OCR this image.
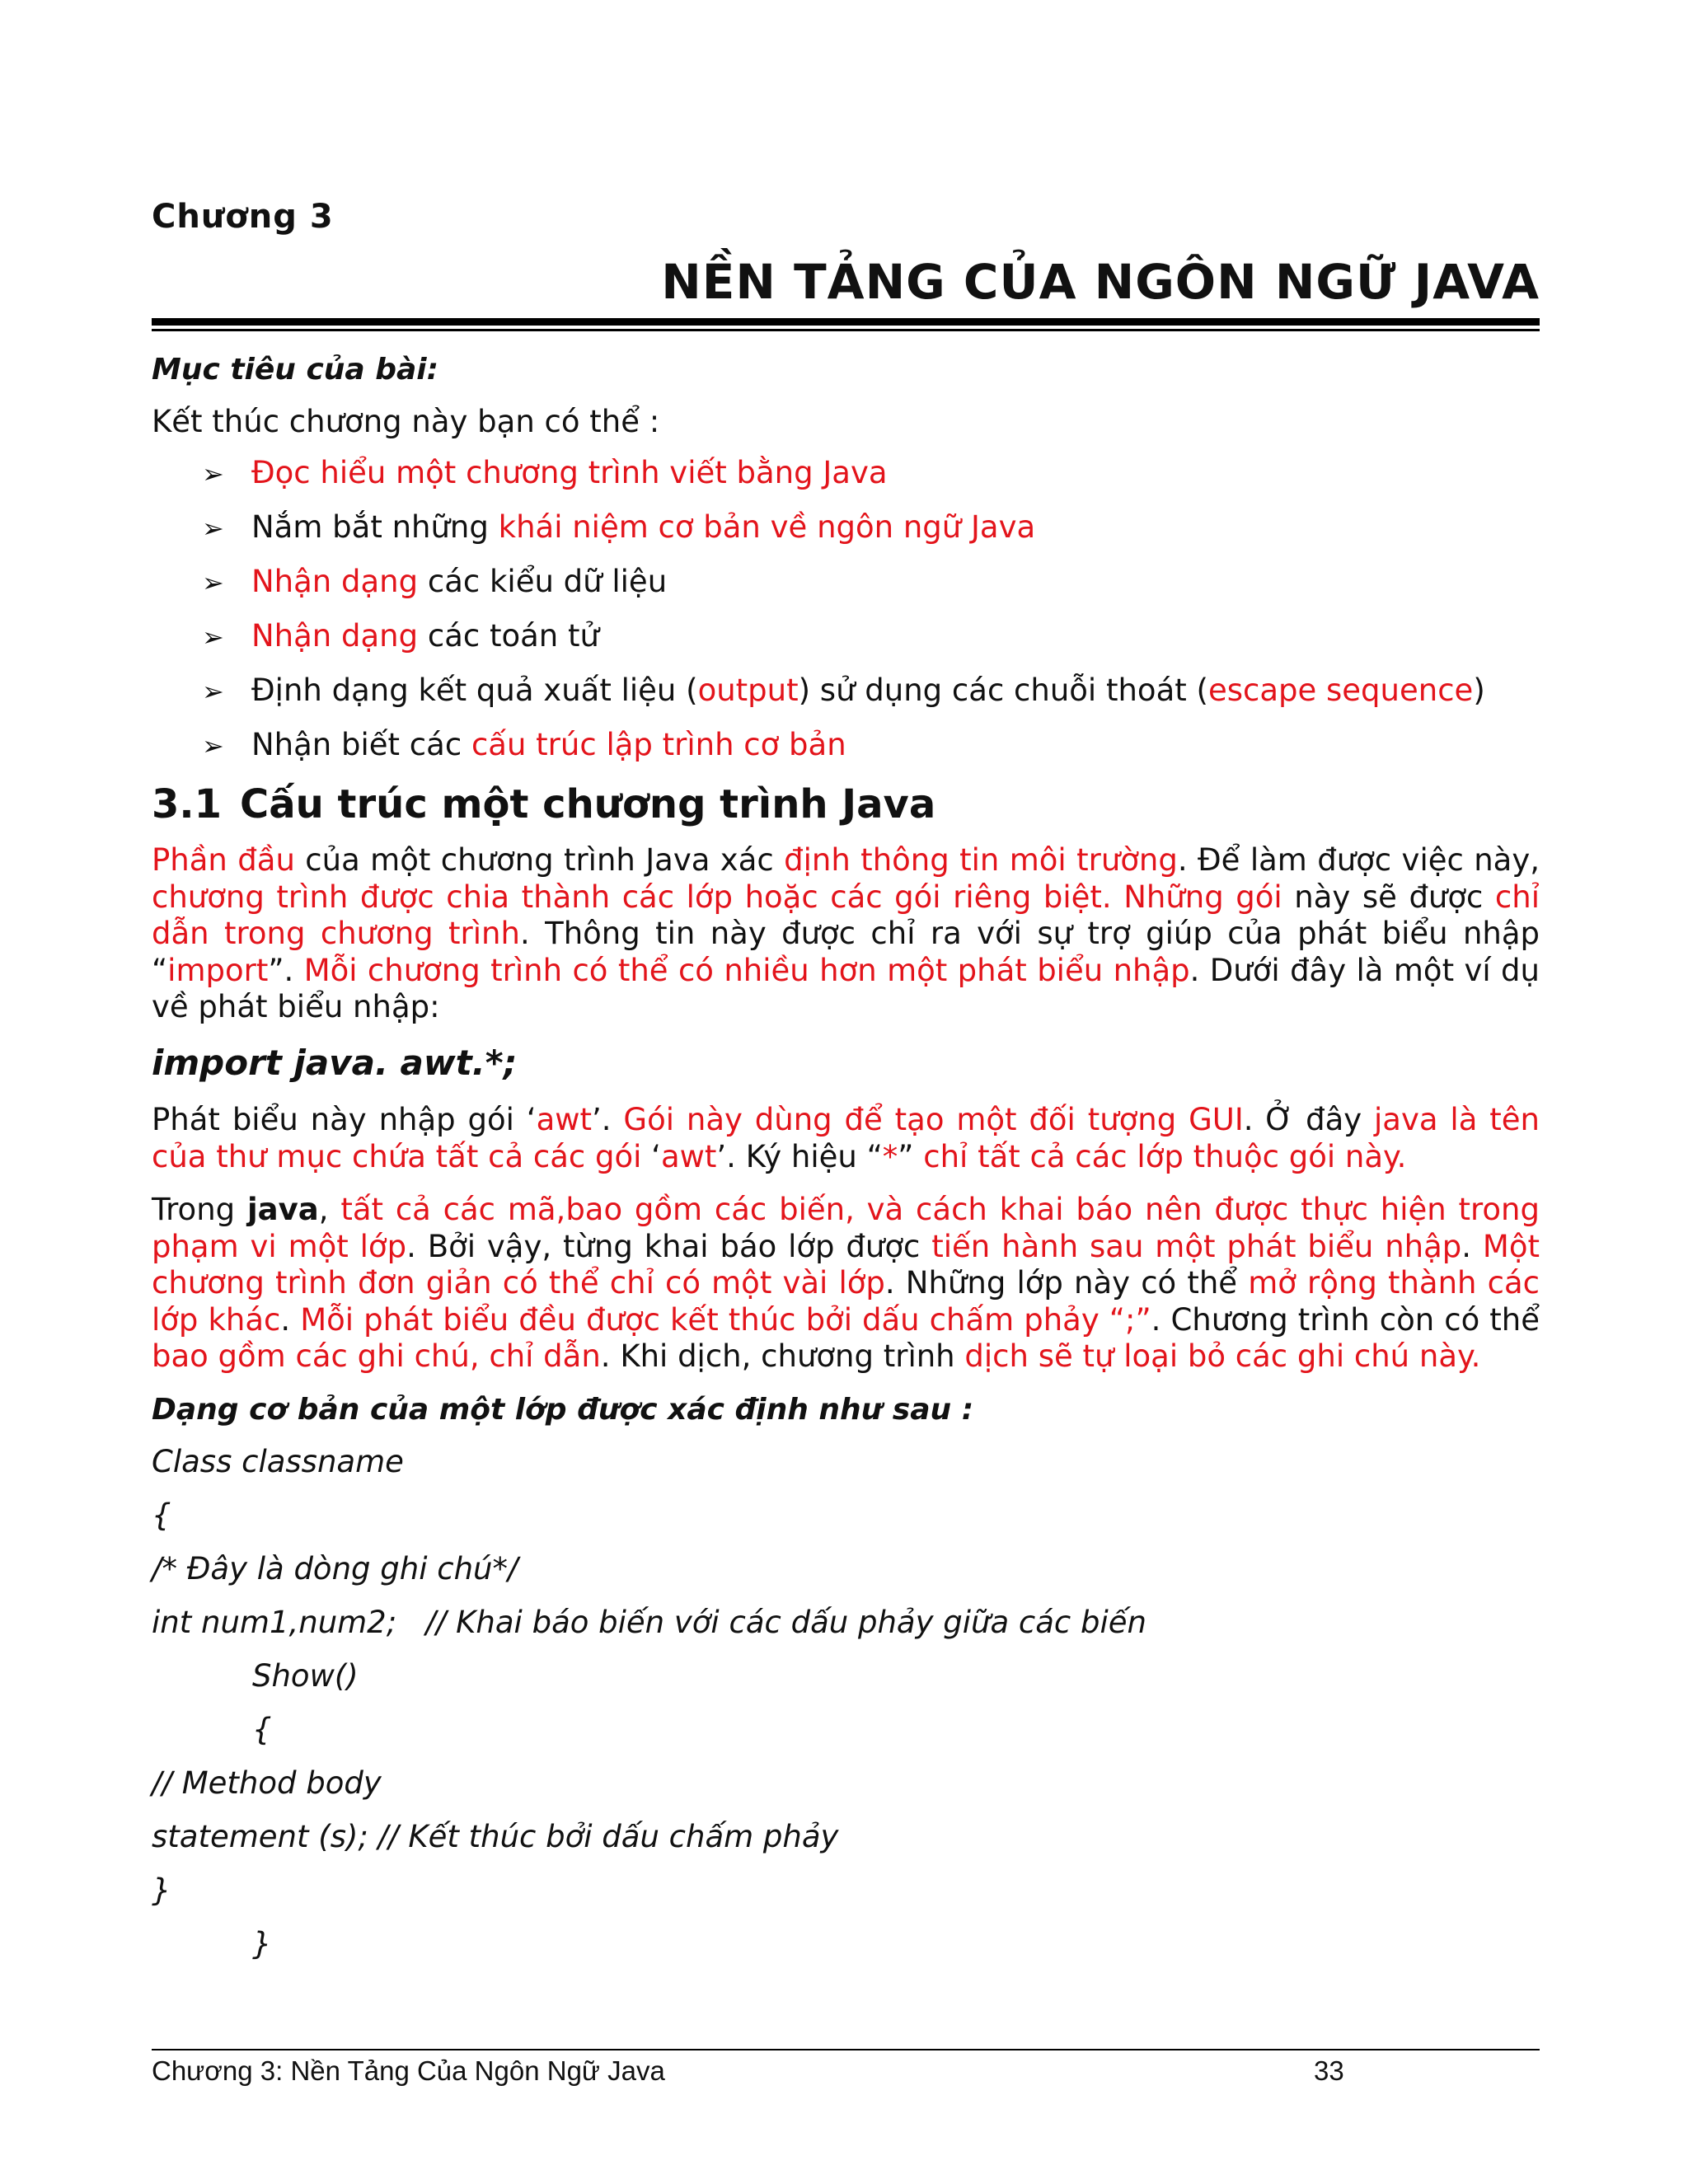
Chương 3
NỀN TẢNG CỦA NGÔN NGỮ JAVA
Mục tiêu của bài:
Kết thúc chương này bạn có thể :
➢ Đọc hiểu một chương trình viết bằng Java
➢ Nắm bắt những khái niệm cơ bản về ngôn ngữ Java
➢ Nhận dạng các kiểu dữ liệu
➢ Nhận dạng các toán tử
➢ Định dạng kết quả xuất liệu (output) sử dụng các chuỗi thoát (escape sequence)
➢ Nhận biết các cấu trúc lập trình cơ bản
3.1 Cấu trúc một chương trình Java
Phần đầu của một chương trình Java xác định thông tin môi trường. Để làm được việc này, chương trình được chia thành các lớp hoặc các gói riêng biệt. Những gói này sẽ được chỉ dẫn trong chương trình. Thông tin này được chỉ ra với sự trợ giúp của phát biểu nhập “import”. Mỗi chương trình có thể có nhiều hơn một phát biểu nhập. Dưới đây là một ví dụ về phát biểu nhập:
import java. awt.*;
Phát biểu này nhập gói ‘awt’. Gói này dùng để tạo một đối tượng GUI. Ở đây java là tên của thư mục chứa tất cả các gói ‘awt’. Ký hiệu “*” chỉ tất cả các lớp thuộc gói này.
Trong java, tất cả các mã,bao gồm các biến, và cách khai báo nên được thực hiện trong phạm vi một lớp. Bởi vậy, từng khai báo lớp được tiến hành sau một phát biểu nhập. Một chương trình đơn giản có thể chỉ có một vài lớp. Những lớp này có thể mở rộng thành các lớp khác. Mỗi phát biểu đều được kết thúc bởi dấu chấm phảy “;”. Chương trình còn có thể bao gồm các ghi chú, chỉ dẫn. Khi dịch, chương trình dịch sẽ tự loại bỏ các ghi chú này.
Dạng cơ bản của một lớp được xác định như sau :
Class classname
{
/* Đây là dòng ghi chú*/
int num1,num2;   // Khai báo biến với các dấu phảy giữa các biến
Show()
{
// Method body
statement (s); // Kết thúc bởi dấu chấm phảy
}
}
Chương 3: Nền Tảng Của Ngôn Ngữ Java	33
